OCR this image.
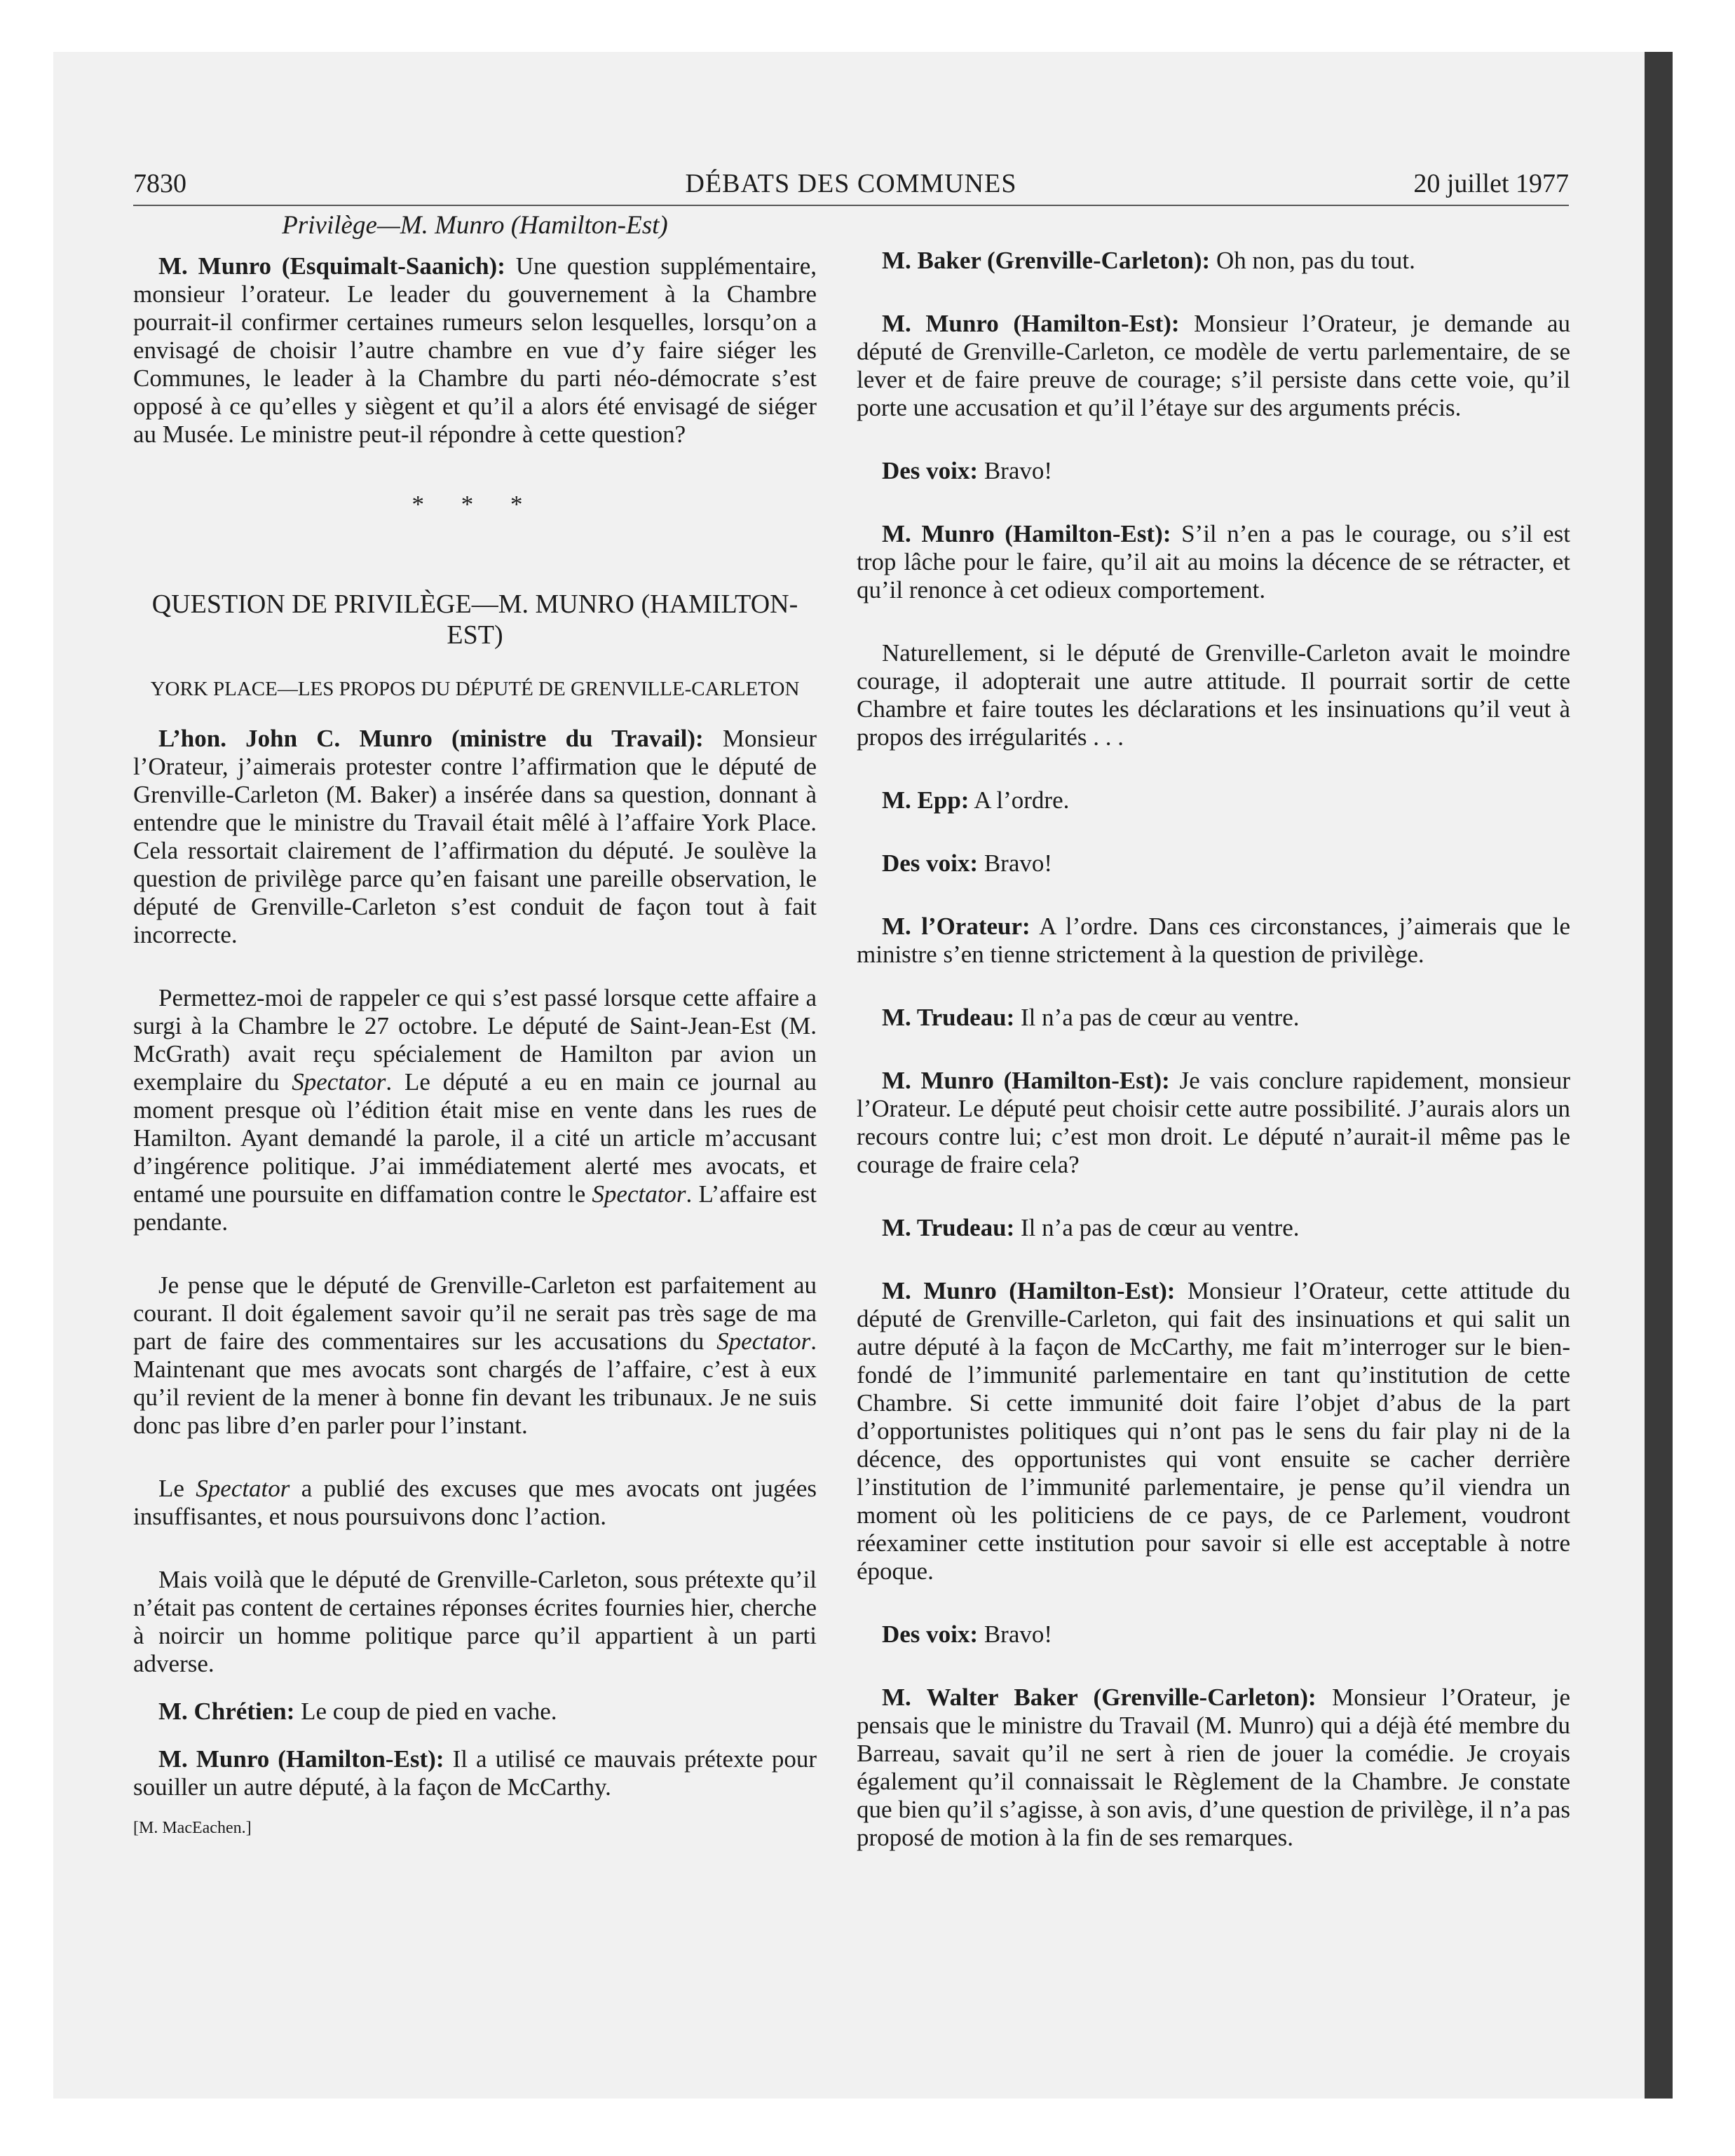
7830	DÉBATS DES COMMUNES	20 juillet 1977

Privilège—M. Munro (Hamilton-Est)

M. Munro (Esquimalt-Saanich): Une question supplémentaire, monsieur l’orateur. Le leader du gouvernement à la Chambre pourrait-il confirmer certaines rumeurs selon lesquelles, lorsqu’on a envisagé de choisir l’autre chambre en vue d’y faire siéger les Communes, le leader à la Chambre du parti néo-démocrate s’est opposé à ce qu’elles y siègent et qu’il a alors été envisagé de siéger au Musée. Le ministre peut-il répondre à cette question?

* * *

QUESTION DE PRIVILÈGE—M. MUNRO (HAMILTON-EST)

YORK PLACE—LES PROPOS DU DÉPUTÉ DE GRENVILLE-CARLETON

L’hon. John C. Munro (ministre du Travail): Monsieur l’Orateur, j’aimerais protester contre l’affirmation que le député de Grenville-Carleton (M. Baker) a insérée dans sa question, donnant à entendre que le ministre du Travail était mêlé à l’affaire York Place. Cela ressortait clairement de l’affirmation du député. Je soulève la question de privilège parce qu’en faisant une pareille observation, le député de Grenville-Carleton s’est conduit de façon tout à fait incorrecte.

Permettez-moi de rappeler ce qui s’est passé lorsque cette affaire a surgi à la Chambre le 27 octobre. Le député de Saint-Jean-Est (M. McGrath) avait reçu spécialement de Hamilton par avion un exemplaire du Spectator. Le député a eu en main ce journal au moment presque où l’édition était mise en vente dans les rues de Hamilton. Ayant demandé la parole, il a cité un article m’accusant d’ingérence politique. J’ai immédiatement alerté mes avocats, et entamé une poursuite en diffamation contre le Spectator. L’affaire est pendante.

Je pense que le député de Grenville-Carleton est parfaitement au courant. Il doit également savoir qu’il ne serait pas très sage de ma part de faire des commentaires sur les accusations du Spectator. Maintenant que mes avocats sont chargés de l’affaire, c’est à eux qu’il revient de la mener à bonne fin devant les tribunaux. Je ne suis donc pas libre d’en parler pour l’instant.

Le Spectator a publié des excuses que mes avocats ont jugées insuffisantes, et nous poursuivons donc l’action.

Mais voilà que le député de Grenville-Carleton, sous prétexte qu’il n’était pas content de certaines réponses écrites fournies hier, cherche à noircir un homme politique parce qu’il appartient à un parti adverse.

M. Chrétien: Le coup de pied en vache.

M. Munro (Hamilton-Est): Il a utilisé ce mauvais prétexte pour souiller un autre député, à la façon de McCarthy.

[M. MacEachen.]

M. Baker (Grenville-Carleton): Oh non, pas du tout.

M. Munro (Hamilton-Est): Monsieur l’Orateur, je demande au député de Grenville-Carleton, ce modèle de vertu parlementaire, de se lever et de faire preuve de courage; s’il persiste dans cette voie, qu’il porte une accusation et qu’il l’étaye sur des arguments précis.

Des voix: Bravo!

M. Munro (Hamilton-Est): S’il n’en a pas le courage, ou s’il est trop lâche pour le faire, qu’il ait au moins la décence de se rétracter, et qu’il renonce à cet odieux comportement.

Naturellement, si le député de Grenville-Carleton avait le moindre courage, il adopterait une autre attitude. Il pourrait sortir de cette Chambre et faire toutes les déclarations et les insinuations qu’il veut à propos des irrégularités . . .

M. Epp: A l’ordre.

Des voix: Bravo!

M. l’Orateur: A l’ordre. Dans ces circonstances, j’aimerais que le ministre s’en tienne strictement à la question de privilège.

M. Trudeau: Il n’a pas de cœur au ventre.

M. Munro (Hamilton-Est): Je vais conclure rapidement, monsieur l’Orateur. Le député peut choisir cette autre possibilité. J’aurais alors un recours contre lui; c’est mon droit. Le député n’aurait-il même pas le courage de fraire cela?

M. Trudeau: Il n’a pas de cœur au ventre.

M. Munro (Hamilton-Est): Monsieur l’Orateur, cette attitude du député de Grenville-Carleton, qui fait des insinuations et qui salit un autre député à la façon de McCarthy, me fait m’interroger sur le bien-fondé de l’immunité parlementaire en tant qu’institution de cette Chambre. Si cette immunité doit faire l’objet d’abus de la part d’opportunistes politiques qui n’ont pas le sens du fair play ni de la décence, des opportunistes qui vont ensuite se cacher derrière l’institution de l’immunité parlementaire, je pense qu’il viendra un moment où les politiciens de ce pays, de ce Parlement, voudront réexaminer cette institution pour savoir si elle est acceptable à notre époque.

Des voix: Bravo!

M. Walter Baker (Grenville-Carleton): Monsieur l’Orateur, je pensais que le ministre du Travail (M. Munro) qui a déjà été membre du Barreau, savait qu’il ne sert à rien de jouer la comédie. Je croyais également qu’il connaissait le Règlement de la Chambre. Je constate que bien qu’il s’agisse, à son avis, d’une question de privilège, il n’a pas proposé de motion à la fin de ses remarques.
